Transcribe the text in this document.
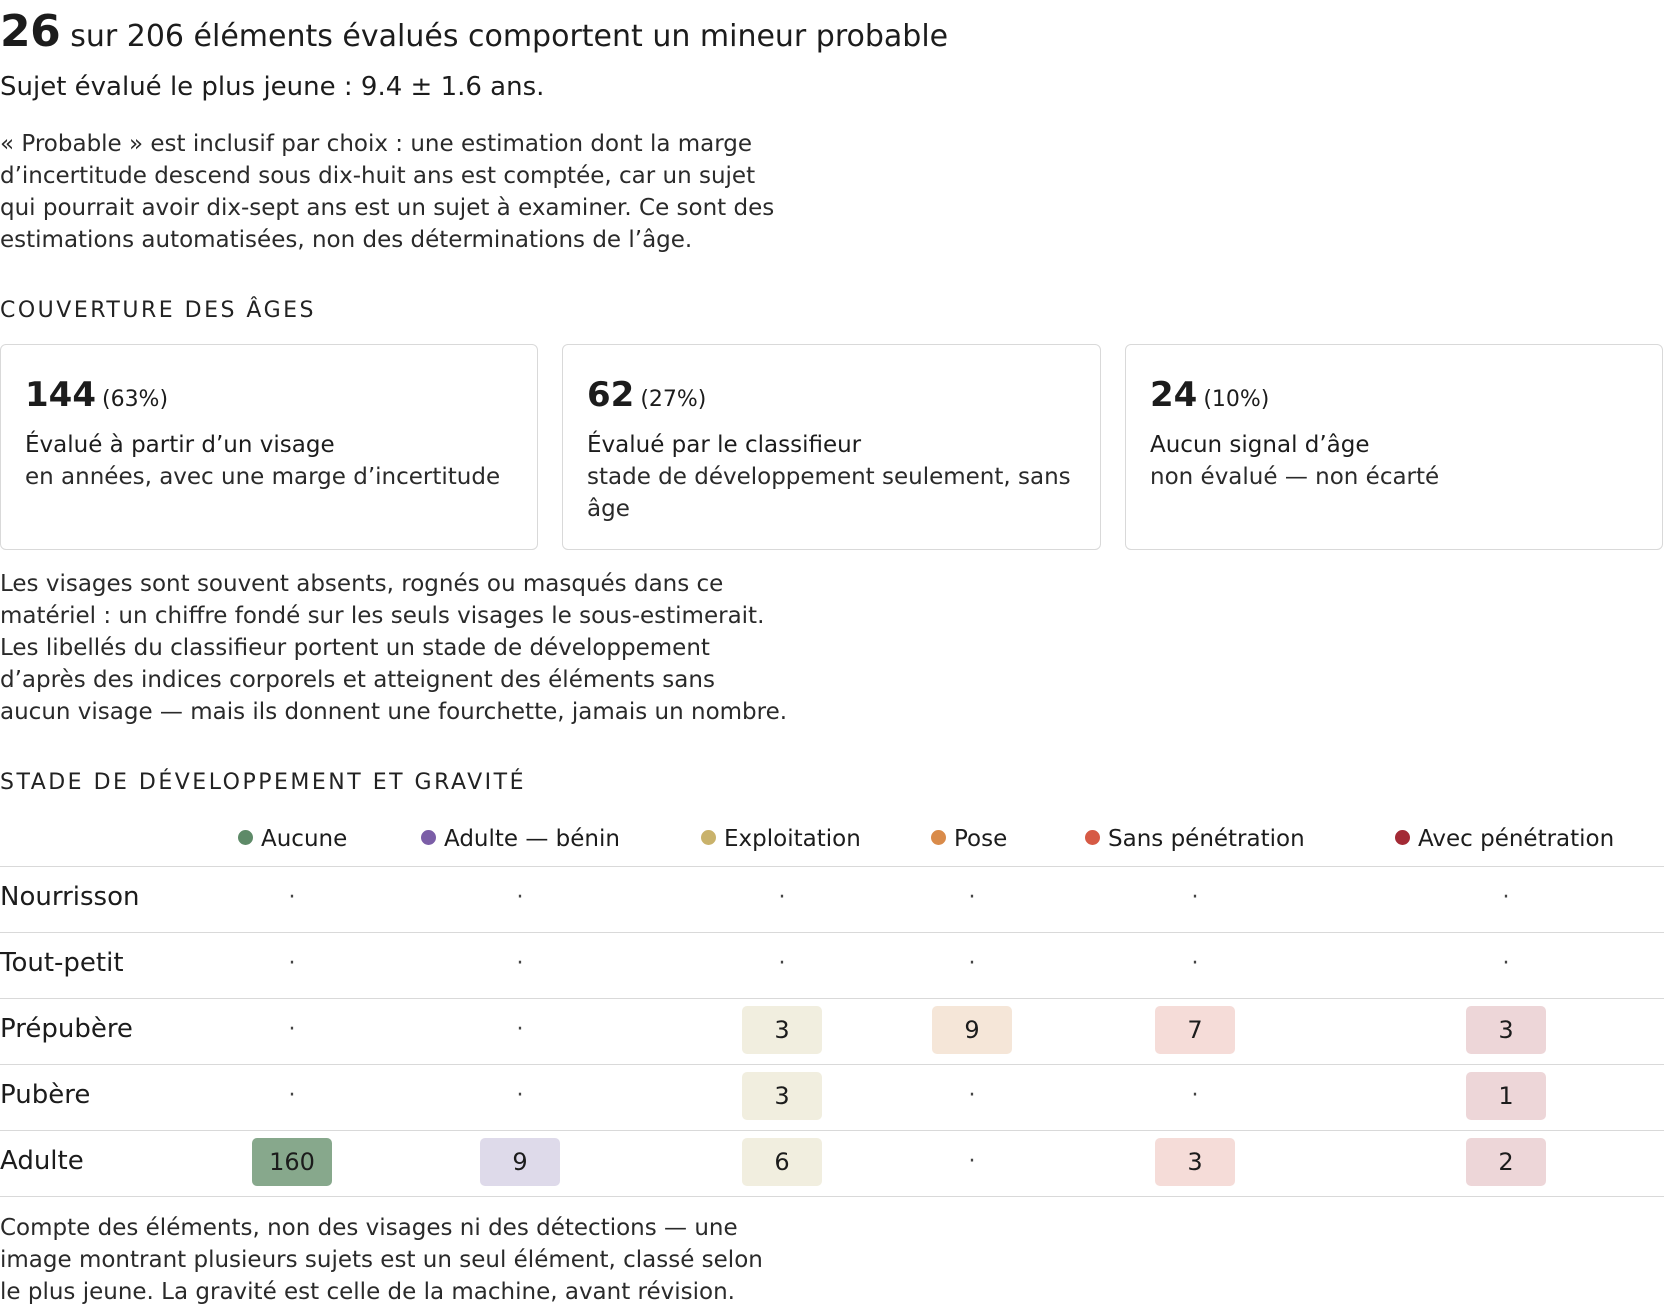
26 sur 206 éléments évalués comportent un mineur probable
Sujet évalué le plus jeune : 9.4 ± 1.6 ans.
« Probable » est inclusif par choix : une estimation dont la marge d’incertitude descend sous dix-huit ans est comptée, car un sujet qui pourrait avoir dix-sept ans est un sujet à examiner. Ce sont des estimations automatisées, non des déterminations de l’âge.
COUVERTURE DES ÂGES
144 (63%)
Évalué à partir d’un visage
en années, avec une marge d’incertitude
62 (27%)
Évalué par le classifieur
stade de développement seulement, sans âge
24 (10%)
Aucun signal d’âge
non évalué — non écarté
Les visages sont souvent absents, rognés ou masqués dans ce matériel : un chiffre fondé sur les seuls visages le sous-estimerait. Les libellés du classifieur portent un stade de développement d’après des indices corporels et atteignent des éléments sans aucun visage — mais ils donnent une fourchette, jamais un nombre.
STADE DE DÉVELOPPEMENT ET GRAVITÉ
Aucune	Adulte — bénin	Exploitation	Pose	Sans pénétration	Avec pénétration
Nourrisson	·	·	·	·	·	·
Tout-petit	·	·	·	·	·	·
Prépubère	·	·	3	9	7	3
Pubère	·	·	3	·	·	1
Adulte	160	9	6	·	3	2
Compte des éléments, non des visages ni des détections — une image montrant plusieurs sujets est un seul élément, classé selon le plus jeune. La gravité est celle de la machine, avant révision.
